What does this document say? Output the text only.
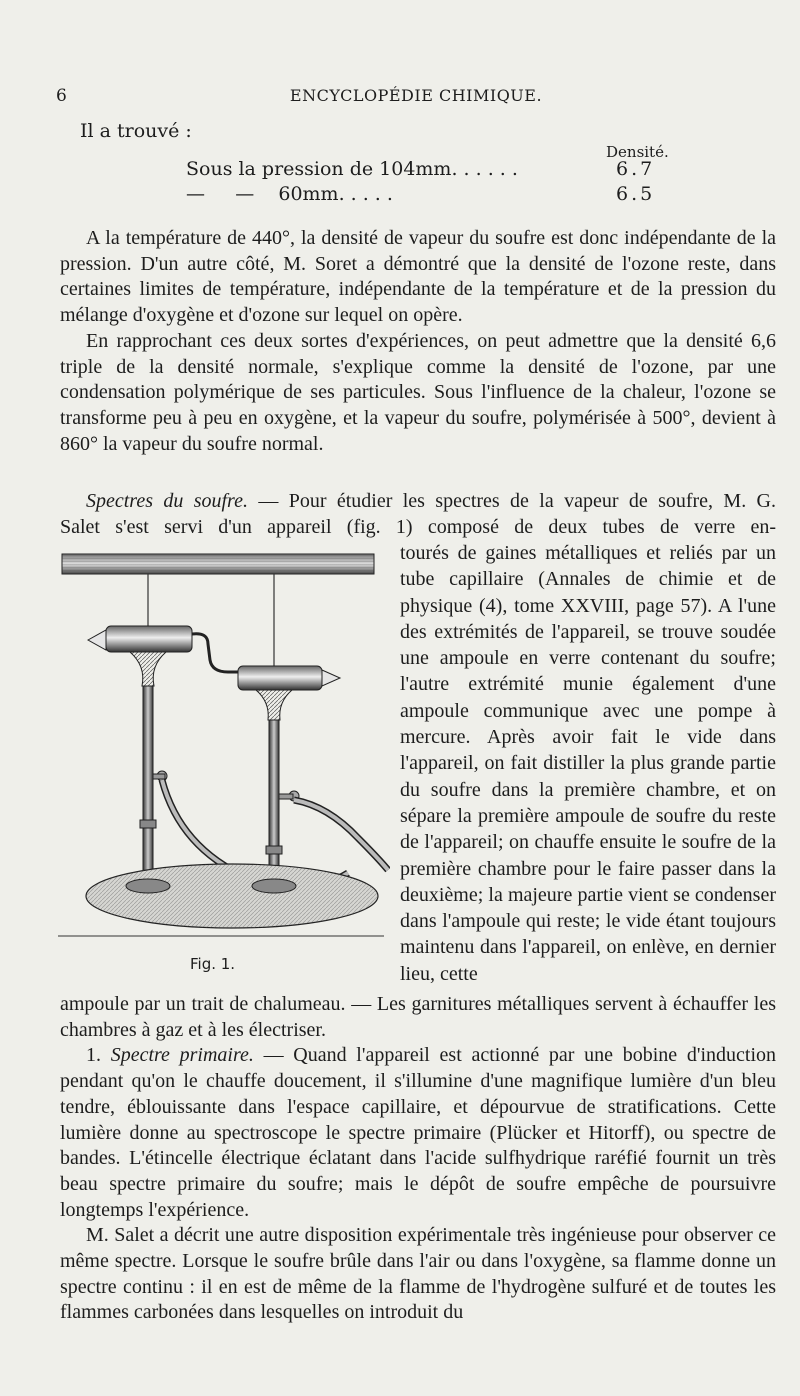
6	ENCYCLOPÉDIE CHIMIQUE.
Il a trouvé :
Densité.
Sous la pression de 104mm. . . . . .	6.7
—     —    60mm. . . . .	6.5

A la température de 440°, la densité de vapeur du soufre est donc indépendante de la pression. D'un autre côté, M. Soret a démontré que la densité de l'ozone reste, dans certaines limites de température, indépendante de la température et de la pression du mélange d'oxygène et d'ozone sur lequel on opère.

En rapprochant ces deux sortes d'expériences, on peut admettre que la densité 6,6 triple de la densité normale, s'explique comme la densité de l'ozone, par une condensation polymérique de ses particules. Sous l'influence de la chaleur, l'ozone se transforme peu à peu en oxygène, et la vapeur du soufre, polymérisée à 500°, devient à 860° la vapeur du soufre normal.

Spectres du soufre. — Pour étudier les spectres de la vapeur de soufre, M. G.
Salet s'est servi d'un appareil (fig. 1) composé de deux tubes de verre en-
Fig. 1.

tourés de gaines métalliques et reliés par un tube capillaire (Annales de chimie et de physique (4), tome XXVIII, page 57). A l'une des extrémités de l'appareil, se trouve soudée une ampoule en verre contenant du soufre; l'autre extrémité munie également d'une ampoule communique avec une pompe à mercure. Après avoir fait le vide dans l'appareil, on fait distiller la plus grande partie du soufre dans la première chambre, et on sépare la première ampoule de soufre du reste de l'appareil; on chauffe ensuite le soufre de la première chambre pour le faire passer dans la deuxième; la majeure partie vient se condenser dans l'ampoule qui reste; le vide étant toujours maintenu dans l'appareil, on enlève, en dernier lieu, cette

ampoule par un trait de chalumeau. — Les garnitures métalliques servent à échauffer les chambres à gaz et à les électriser.

1. Spectre primaire. — Quand l'appareil est actionné par une bobine d'induction pendant qu'on le chauffe doucement, il s'illumine d'une magnifique lumière d'un bleu tendre, éblouissante dans l'espace capillaire, et dépourvue de stratifications. Cette lumière donne au spectroscope le spectre primaire (Plücker et Hitorff), ou spectre de bandes. L'étincelle électrique éclatant dans l'acide sulfhydrique raréfié fournit un très beau spectre primaire du soufre; mais le dépôt de soufre empêche de poursuivre longtemps l'expérience.

M. Salet a décrit une autre disposition expérimentale très ingénieuse pour observer ce même spectre. Lorsque le soufre brûle dans l'air ou dans l'oxygène, sa flamme donne un spectre continu : il en est de même de la flamme de l'hydrogène sulfuré et de toutes les flammes carbonées dans lesquelles on introduit du
